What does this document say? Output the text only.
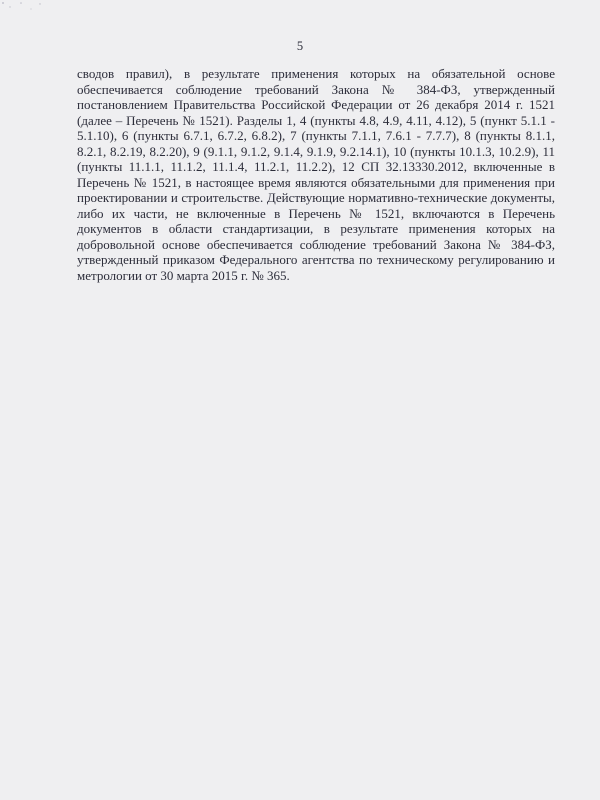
5
сводов правил), в результате применения которых на обязательной основе
обеспечивается соблюдение требований Закона № 384-ФЗ, утвержденный
постановлением Правительства Российской Федерации от 26 декабря 2014 г. 1521
(далее – Перечень № 1521). Разделы 1, 4 (пункты 4.8, 4.9, 4.11, 4.12), 5 (пункт 5.1.1 -
5.1.10), 6 (пункты 6.7.1, 6.7.2, 6.8.2), 7 (пункты 7.1.1, 7.6.1 - 7.7.7), 8 (пункты 8.1.1,
8.2.1, 8.2.19, 8.2.20), 9 (9.1.1, 9.1.2, 9.1.4, 9.1.9, 9.2.14.1), 10 (пункты 10.1.3, 10.2.9), 11
(пункты 11.1.1, 11.1.2, 11.1.4, 11.2.1, 11.2.2), 12 СП 32.13330.2012, включенные в
Перечень № 1521, в настоящее время являются обязательными для применения при
проектировании и строительстве. Действующие нормативно-технические документы,
либо их части, не включенные в Перечень № 1521, включаются в Перечень
документов в области стандартизации, в результате применения которых на
добровольной основе обеспечивается соблюдение требований Закона № 384-ФЗ,
утвержденный приказом Федерального агентства по техническому регулированию и
метрологии от 30 марта 2015 г. № 365.
